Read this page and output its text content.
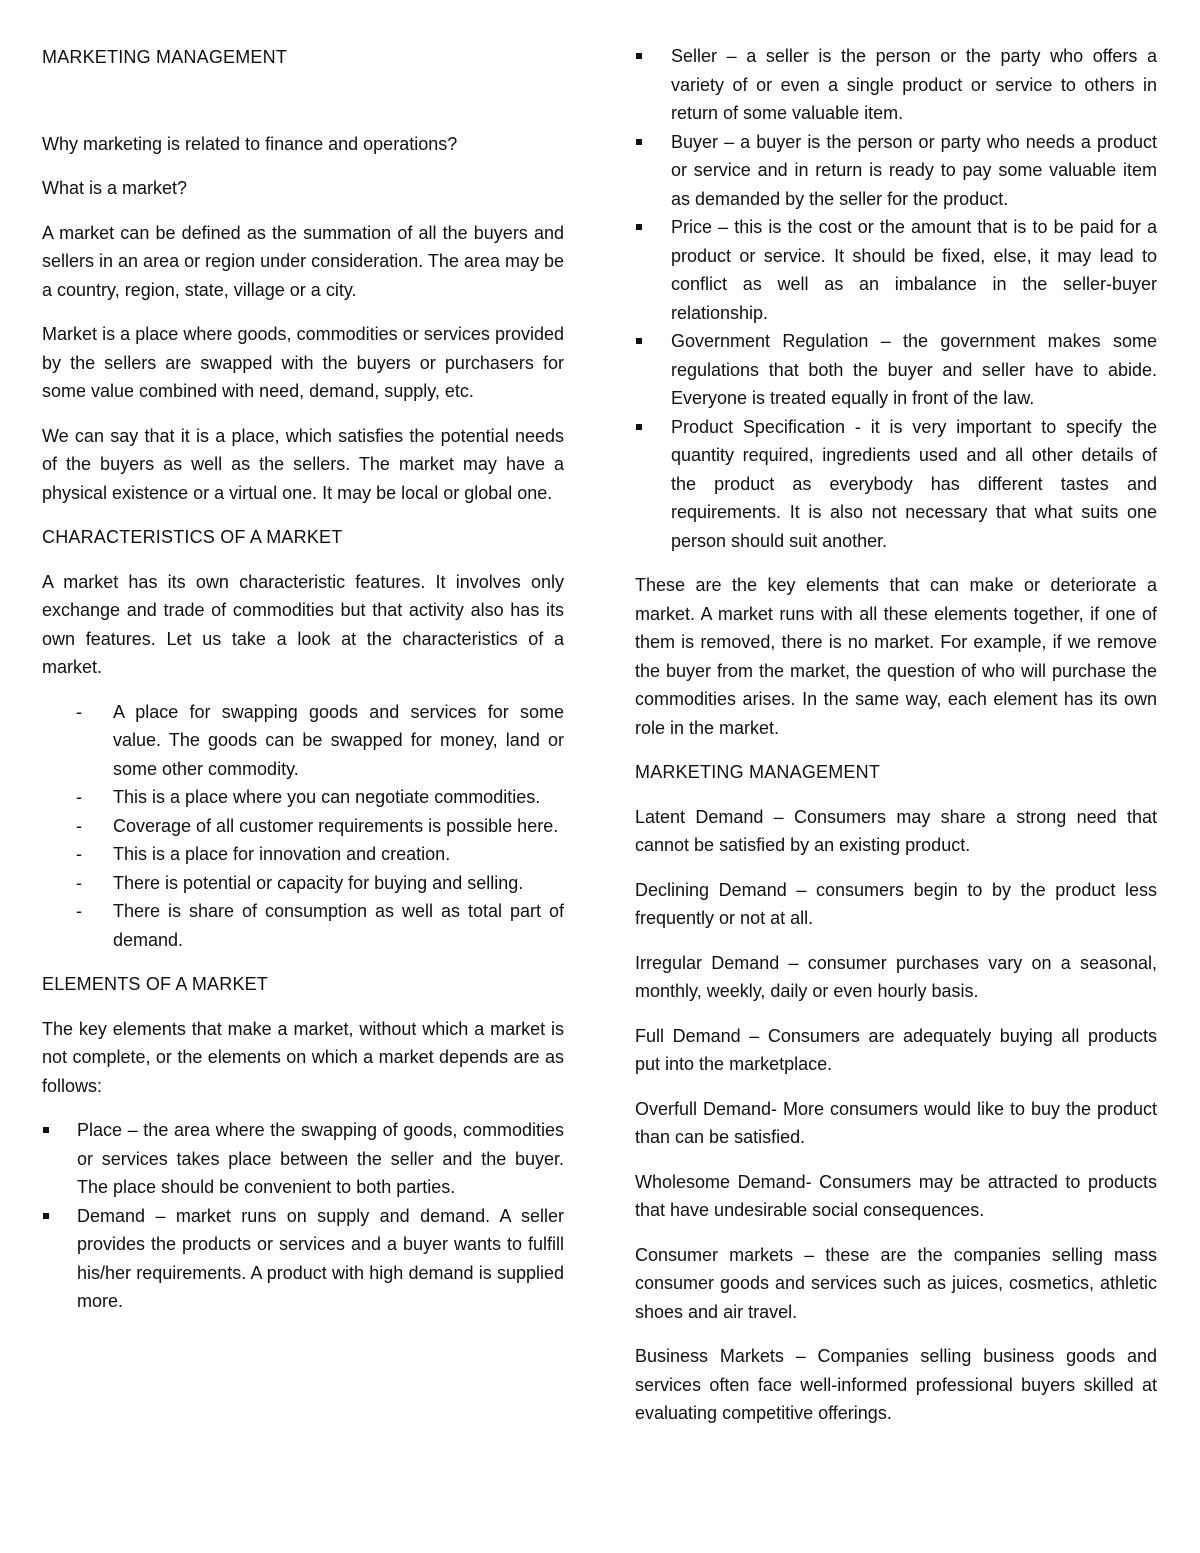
MARKETING MANAGEMENT

Why marketing is related to finance and operations?

What is a market?

A market can be defined as the summation of all the buyers and sellers in an area or region under consideration. The area may be a country, region, state, village or a city.

Market is a place where goods, commodities or services provided by the sellers are swapped with the buyers or purchasers for some value combined with need, demand, supply, etc.

We can say that it is a place, which satisfies the potential needs of the buyers as well as the sellers. The market may have a physical existence or a virtual one. It may be local or global one.

CHARACTERISTICS OF A MARKET

A market has its own characteristic features. It involves only exchange and trade of commodities but that activity also has its own features. Let us take a look at the characteristics of a market.

- A place for swapping goods and services for some value. The goods can be swapped for money, land or some other commodity.
- This is a place where you can negotiate commodities.
- Coverage of all customer requirements is possible here.
- This is a place for innovation and creation.
- There is potential or capacity for buying and selling.
- There is share of consumption as well as total part of demand.
ELEMENTS OF A MARKET

The key elements that make a market, without which a market is not complete, or the elements on which a market depends are as follows:

Place – the area where the swapping of goods, commodities or services takes place between the seller and the buyer. The place should be convenient to both parties.
Demand – market runs on supply and demand. A seller provides the products or services and a buyer wants to fulfill his/her requirements. A product with high demand is supplied more.
Seller – a seller is the person or the party who offers a variety of or even a single product or service to others in return of some valuable item.
Buyer – a buyer is the person or party who needs a product or service and in return is ready to pay some valuable item as demanded by the seller for the product.
Price – this is the cost or the amount that is to be paid for a product or service. It should be fixed, else, it may lead to conflict as well as an imbalance in the seller-buyer relationship.
Government Regulation – the government makes some regulations that both the buyer and seller have to abide. Everyone is treated equally in front of the law.
Product Specification - it is very important to specify the quantity required, ingredients used and all other details of the product as everybody has different tastes and requirements. It is also not necessary that what suits one person should suit another.

These are the key elements that can make or deteriorate a market. A market runs with all these elements together, if one of them is removed, there is no market. For example, if we remove the buyer from the market, the question of who will purchase the commodities arises. In the same way, each element has its own role in the market.

MARKETING MANAGEMENT

Latent Demand – Consumers may share a strong need that cannot be satisfied by an existing product.

Declining Demand – consumers begin to by the product less frequently or not at all.

Irregular Demand – consumer purchases vary on a seasonal, monthly, weekly, daily or even hourly basis.

Full Demand – Consumers are adequately buying all products put into the marketplace.

Overfull Demand- More consumers would like to buy the product than can be satisfied.

Wholesome Demand- Consumers may be attracted to products that have undesirable social consequences.

Consumer markets – these are the companies selling mass consumer goods and services such as juices, cosmetics, athletic shoes and air travel.

Business Markets – Companies selling business goods and services often face well-informed professional buyers skilled at evaluating competitive offerings.
